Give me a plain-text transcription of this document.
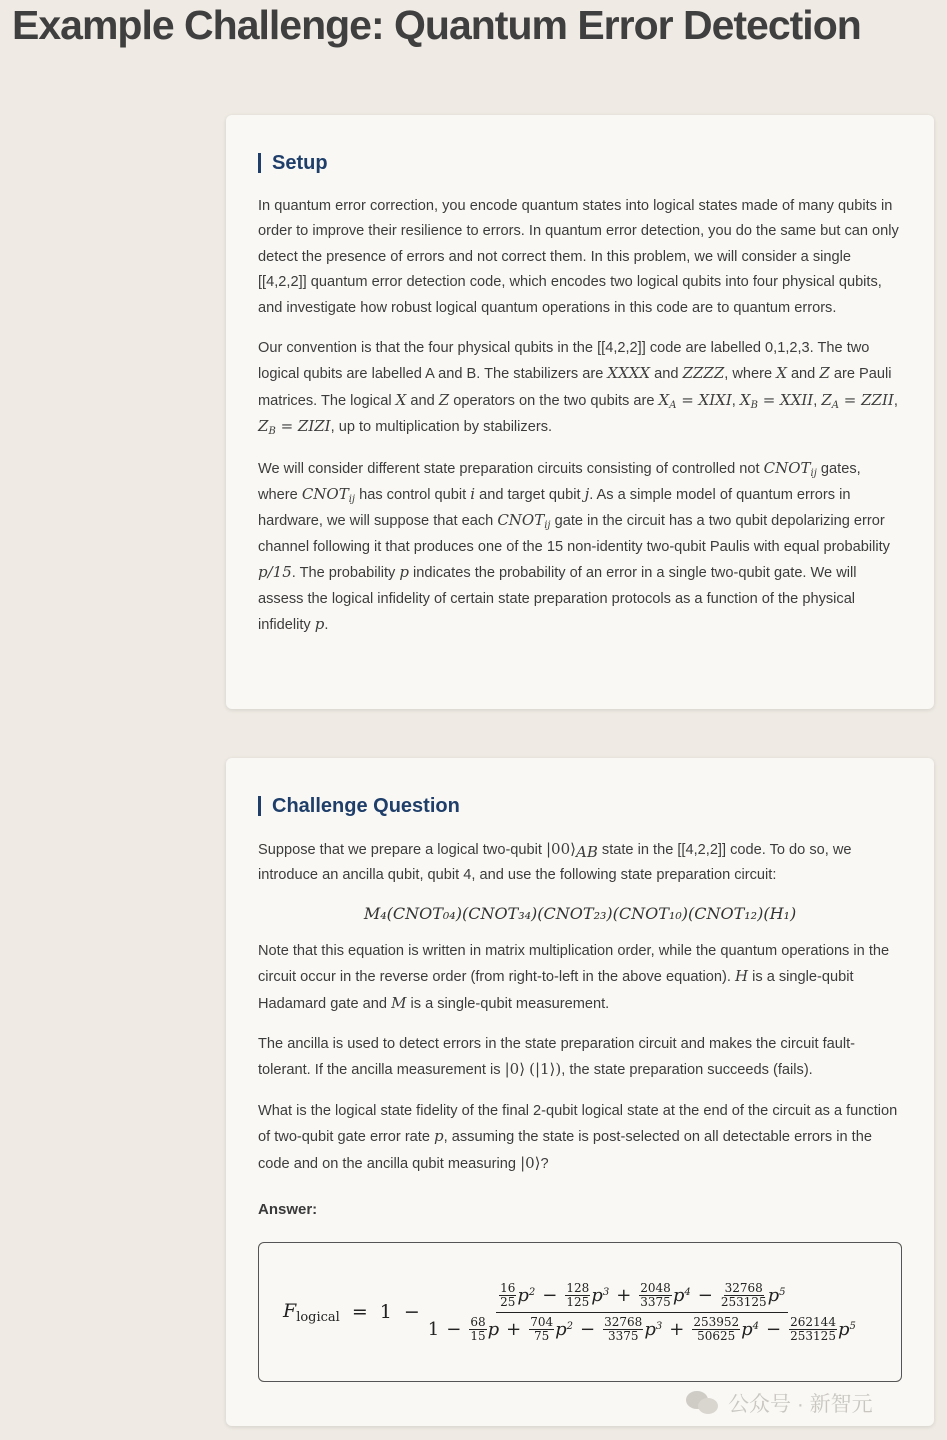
Example Challenge: Quantum Error Detection
Setup

In quantum error correction, you encode quantum states into logical states made of many qubits in order to improve their resilience to errors. In quantum error detection, you do the same but can only detect the presence of errors and not correct them. In this problem, we will consider a single [[4,2,2]] quantum error detection code, which encodes two logical qubits into four physical qubits, and investigate how robust logical quantum operations in this code are to quantum errors.

Our convention is that the four physical qubits in the [[4,2,2]] code are labelled 0,1,2,3. The two logical qubits are labelled A and B. The stabilizers are XXXX and ZZZZ, where X and Z are Pauli matrices. The logical X and Z operators on the two qubits are $X_A$ = XIXI, $X_B$ = XXII, $Z_A$ = ZZII, $Z_B$ = ZIZI, up to multiplication by stabilizers.

We will consider different state preparation circuits consisting of controlled not $CNOT_{ij}$ gates, where $CNOT_{ij}$ has control qubit i and target qubit j. As a simple model of quantum errors in hardware, we will suppose that each $CNOT_{ij}$ gate in the circuit has a two qubit depolarizing error channel following it that produces one of the 15 non-identity two-qubit Paulis with equal probability p/15. The probability p indicates the probability of an error in a single two-qubit gate. We will assess the logical infidelity of certain state preparation protocols as a function of the physical infidelity p.

Challenge Question

Suppose that we prepare a logical two-qubit $|00⟩_{AB}$ state in the [[4,2,2]] code. To do so, we introduce an ancilla qubit, qubit 4, and use the following state preparation circuit:

M₄(CNOT₀₄)(CNOT₃₄)(CNOT₂₃)(CNOT₁₀)(CNOT₁₂)(H₁)

Note that this equation is written in matrix multiplication order, while the quantum operations in the circuit occur in the reverse order (from right-to-left in the above equation). H is a single-qubit Hadamard gate and M is a single-qubit measurement.

The ancilla is used to detect errors in the state preparation circuit and makes the circuit fault-tolerant. If the ancilla measurement is |0⟩ (|1⟩), the state preparation succeeds (fails).

What is the logical state fidelity of the final 2-qubit logical state at the end of the circuit as a function of two-qubit gate error rate p, assuming the state is post-selected on all detectable errors in the code and on the ancilla qubit measuring |0⟩?

Answer:
$F_{logical} = 1 - 16$
25 $p^2 - \frac{128}{125} p^3 + \frac{2048}{3375} p^4 - \frac{32768}{253125} p^5$
$1 - \frac{68}{15}$ $p + \frac{704}{75} p^2 - \frac{32768}{3375} p^3 + \frac{253952}{50625} p^4 - \frac{262144}{253125} p^5$
公众号 · 新智元
